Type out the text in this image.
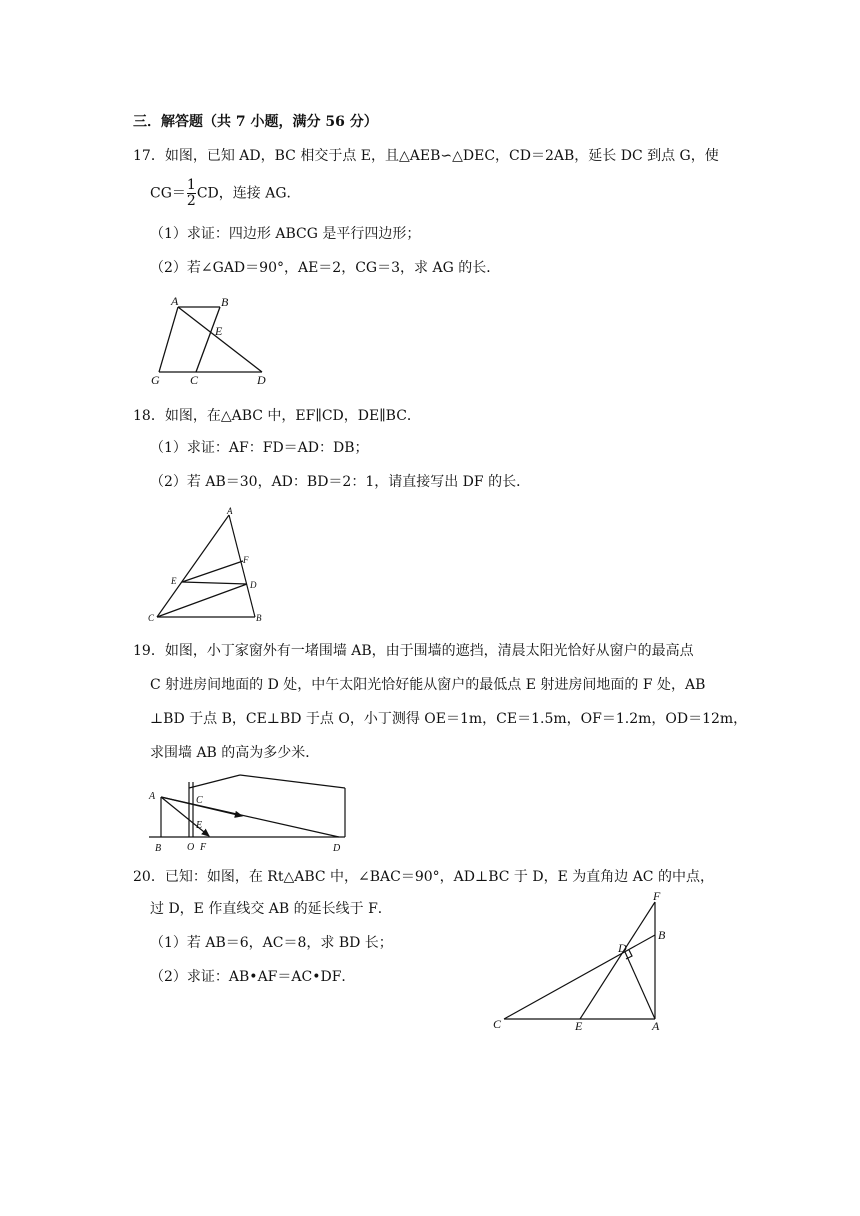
三．解答题（共 7 小题，满分 56 分）
17．如图，已知 AD，BC 相交于点 E，且△AEB∽△DEC，CD＝2AB，延长 DC 到点 G，使
$CG= \frac{1}{2}$ CD，连接 AG．
（1）求证：四边形 ABCG 是平行四边形；
（2）若∠GAD＝90°，AE＝2，CG＝3，求 AG 的长．
A	B
E
G	C	D
18．如图，在△ABC 中，EF∥CD，DE∥BC．
（1）求证：AF：FD＝AD：DB；
（2）若 AB＝30，AD：BD＝2：1，请直接写出 DF 的长．
A
F
E	D
C	B
19．如图，小丁家窗外有一堵围墙 AB，由于围墙的遮挡，清晨太阳光恰好从窗户的最高点
C 射进房间地面的 D 处，中午太阳光恰好能从窗户的最低点 E 射进房间地面的 F 处，AB
⊥BD 于点 B，CE⊥BD 于点 O，小丁测得 OE＝1m，CE＝1.5m，OF＝1.2m，OD＝12m，
求围墙 AB 的高为多少米．
A	C
E
B	O F	D
20．已知：如图，在 Rt△ABC 中，∠BAC＝90°，AD⊥BC 于 D，E 为直角边 AC 的中点，
过 D，E 作直线交 AB 的延长线于 F．
（1）若 AB＝6，AC＝8，求 BD 长；
（2）求证：AB•AF＝AC•DF．
F
B
D
C	E	A
